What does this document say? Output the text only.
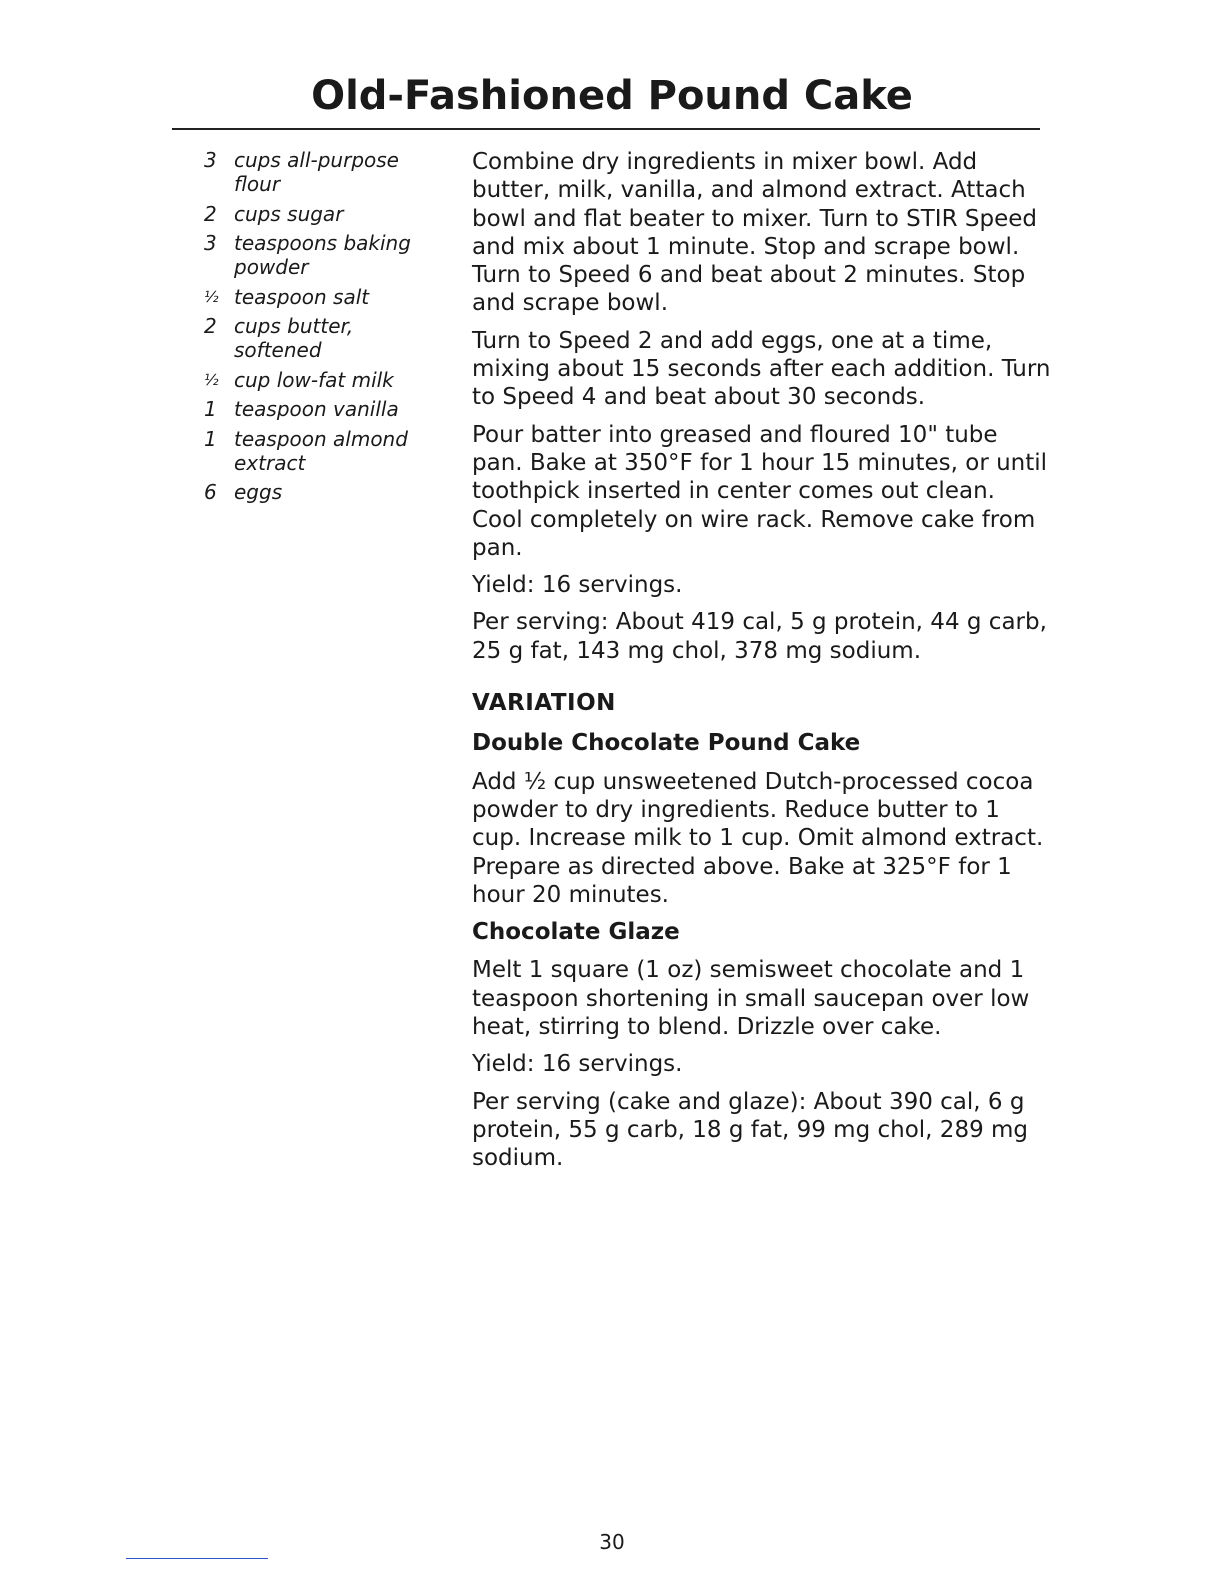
Old-Fashioned Pound Cake
3 cups all-purpose flour
2 cups sugar
3 teaspoons baking powder
½ teaspoon salt
2 cups butter, softened
½ cup low-fat milk
1 teaspoon vanilla
1 teaspoon almond extract
6 eggs

Combine dry ingredients in mixer bowl. Add butter, milk, vanilla, and almond extract. Attach bowl and flat beater to mixer. Turn to STIR Speed and mix about 1 minute. Stop and scrape bowl. Turn to Speed 6 and beat about 2 minutes. Stop and scrape bowl.

Turn to Speed 2 and add eggs, one at a time, mixing about 15 seconds after each addition. Turn to Speed 4 and beat about 30 seconds.

Pour batter into greased and floured 10" tube pan. Bake at 350°F for 1 hour 15 minutes, or until toothpick inserted in center comes out clean. Cool completely on wire rack. Remove cake from pan.

Yield: 16 servings.

Per serving: About 419 cal, 5 g protein, 44 g carb, 25 g fat, 143 mg chol, 378 mg sodium.

VARIATION
Double Chocolate Pound Cake

Add ½ cup unsweetened Dutch-processed cocoa powder to dry ingredients. Reduce butter to 1 cup. Increase milk to 1 cup. Omit almond extract. Prepare as directed above. Bake at 325°F for 1 hour 20 minutes.

Chocolate Glaze

Melt 1 square (1 oz) semisweet chocolate and 1 teaspoon shortening in small saucepan over low heat, stirring to blend. Drizzle over cake.

Yield: 16 servings.

Per serving (cake and glaze): About 390 cal, 6 g protein, 55 g carb, 18 g fat, 99 mg chol, 289 mg sodium.

30
